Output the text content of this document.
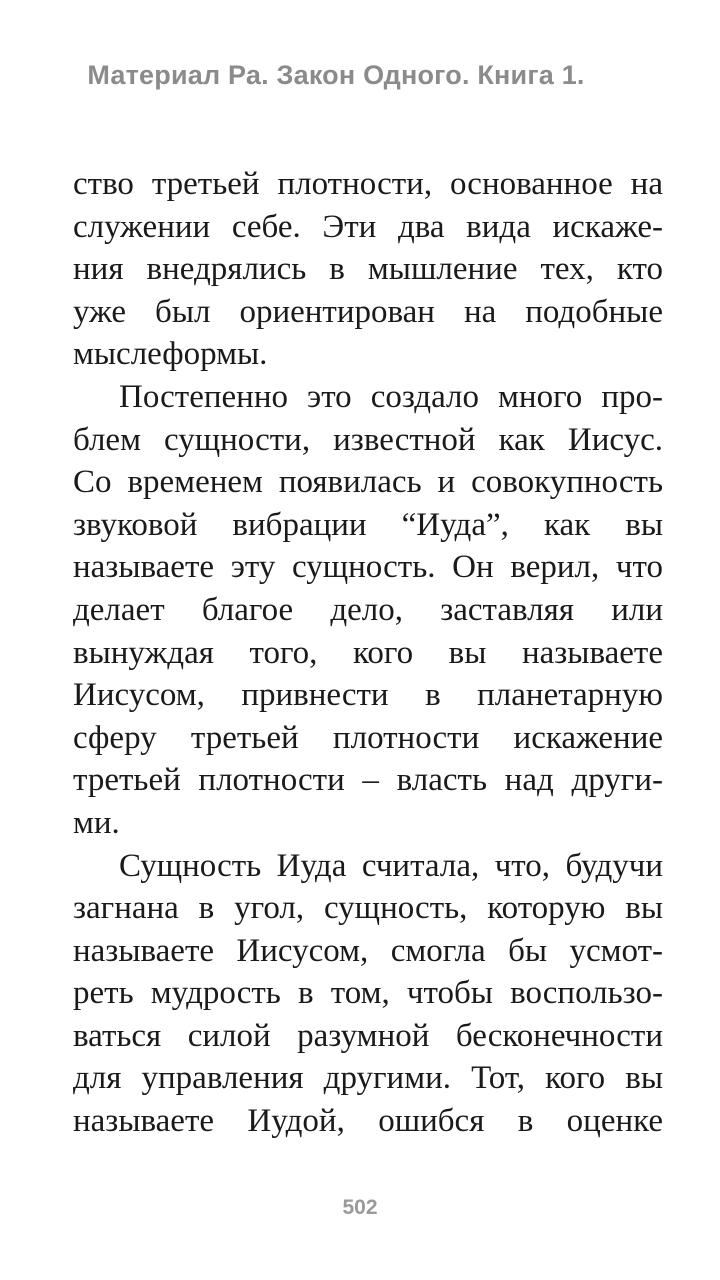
Материал Ра. Закон Одного. Книга 1.
ство третьей плотности, основанное на
служении себе. Эти два вида искаже-
ния внедрялись в мышление тех, кто
уже был ориентирован на подобные
мыслеформы.
Постепенно это создало много про-
блем сущности, известной как Иисус.
Со временем появилась и совокупность
звуковой вибрации “Иуда”, как вы
называете эту сущность. Он верил, что
делает благое дело, заставляя или
вынуждая того, кого вы называете
Иисусом, привнести в планетарную
сферу третьей плотности искажение
третьей плотности – власть над други-
ми.
Сущность Иуда считала, что, будучи
загнана в угол, сущность, которую вы
называете Иисусом, смогла бы усмот-
реть мудрость в том, чтобы воспользо-
ваться силой разумной бесконечности
для управления другими. Тот, кого вы
называете Иудой, ошибся в оценке
502
